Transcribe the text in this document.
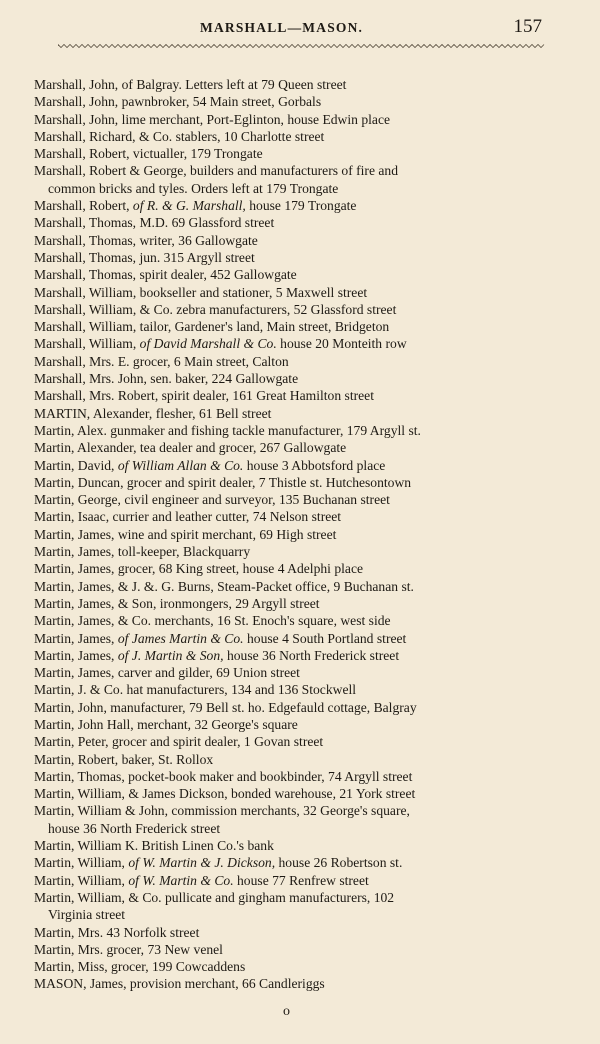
MARSHALL—MASON.	157
Marshall, John, of Balgray. Letters left at 79 Queen street
Marshall, John, pawnbroker, 54 Main street, Gorbals
Marshall, John, lime merchant, Port-Eglinton, house Edwin place
Marshall, Richard, & Co. stablers, 10 Charlotte street
Marshall, Robert, victualler, 179 Trongate
Marshall, Robert & George, builders and manufacturers of fire and
common bricks and tyles. Orders left at 179 Trongate
Marshall, Robert, of R. & G. Marshall, house 179 Trongate
Marshall, Thomas, M.D. 69 Glassford street
Marshall, Thomas, writer, 36 Gallowgate
Marshall, Thomas, jun. 315 Argyll street
Marshall, Thomas, spirit dealer, 452 Gallowgate
Marshall, William, bookseller and stationer, 5 Maxwell street
Marshall, William, & Co. zebra manufacturers, 52 Glassford street
Marshall, William, tailor, Gardener's land, Main street, Bridgeton
Marshall, William, of David Marshall & Co. house 20 Monteith row
Marshall, Mrs. E. grocer, 6 Main street, Calton
Marshall, Mrs. John, sen. baker, 224 Gallowgate
Marshall, Mrs. Robert, spirit dealer, 161 Great Hamilton street
MARTIN, Alexander, flesher, 61 Bell street
Martin, Alex. gunmaker and fishing tackle manufacturer, 179 Argyll st.
Martin, Alexander, tea dealer and grocer, 267 Gallowgate
Martin, David, of William Allan & Co. house 3 Abbotsford place
Martin, Duncan, grocer and spirit dealer, 7 Thistle st. Hutchesontown
Martin, George, civil engineer and surveyor, 135 Buchanan street
Martin, Isaac, currier and leather cutter, 74 Nelson street
Martin, James, wine and spirit merchant, 69 High street
Martin, James, toll-keeper, Blackquarry
Martin, James, grocer, 68 King street, house 4 Adelphi place
Martin, James, & J. &. G. Burns, Steam-Packet office, 9 Buchanan st.
Martin, James, & Son, ironmongers, 29 Argyll street
Martin, James, & Co. merchants, 16 St. Enoch's square, west side
Martin, James, of James Martin & Co. house 4 South Portland street
Martin, James, of J. Martin & Son, house 36 North Frederick street
Martin, James, carver and gilder, 69 Union street
Martin, J. & Co. hat manufacturers, 134 and 136 Stockwell
Martin, John, manufacturer, 79 Bell st. ho. Edgefauld cottage, Balgray
Martin, John Hall, merchant, 32 George's square
Martin, Peter, grocer and spirit dealer, 1 Govan street
Martin, Robert, baker, St. Rollox
Martin, Thomas, pocket-book maker and bookbinder, 74 Argyll street
Martin, William, & James Dickson, bonded warehouse, 21 York street
Martin, William & John, commission merchants, 32 George's square,
house 36 North Frederick street
Martin, William K. British Linen Co.'s bank
Martin, William, of W. Martin & J. Dickson, house 26 Robertson st.
Martin, William, of W. Martin & Co. house 77 Renfrew street
Martin, William, & Co. pullicate and gingham manufacturers, 102
Virginia street
Martin, Mrs. 43 Norfolk street
Martin, Mrs. grocer, 73 New venel
Martin, Miss, grocer, 199 Cowcaddens
MASON, James, provision merchant, 66 Candleriggs
o
